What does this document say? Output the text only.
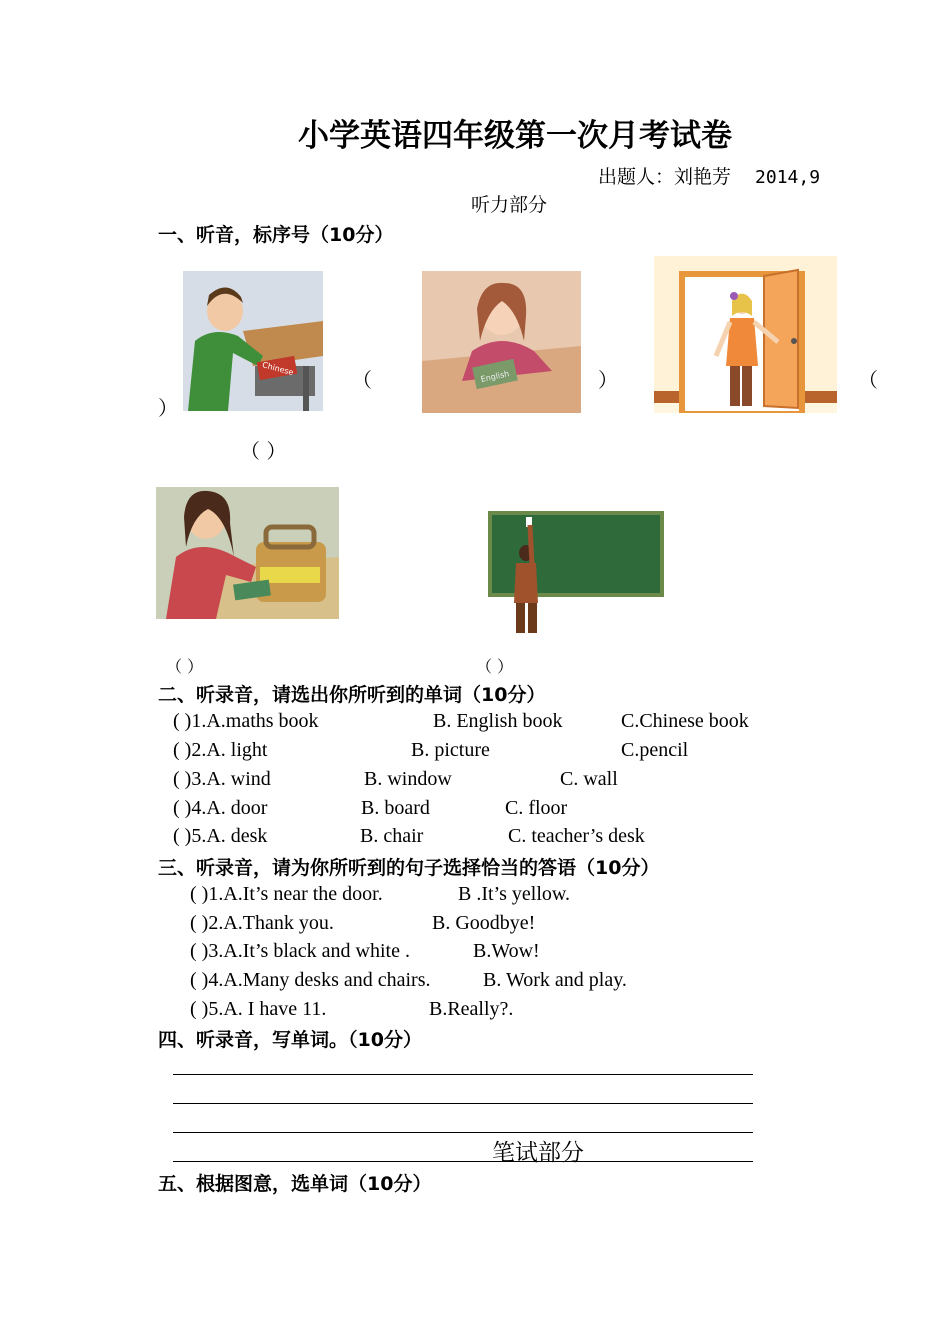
小学英语四年级第一次月考试卷
出题人：刘艳芳 2014,9
听力部分
一、听音，标序号（10分）
Chinese	English
（	）	（
）
（ ）
（ ）	（ ）
二、听录音，请选出你所听到的单词（10分）
( )1.A.maths book	B. English book	C.Chinese book
( )2.A. light	B. picture	C.pencil
( )3.A. wind	B. window	C. wall
( )4.A. door	B. board	C. floor
( )5.A. desk	B. chair	C. teacher’s desk
三、听录音，请为你所听到的句子选择恰当的答语（10分）
( )1.A.It’s near the door.	B .It’s yellow.
( )2.A.Thank you.	B. Goodbye!
( )3.A.It’s black and white .	B.Wow!
( )4.A.Many desks and chairs.	B. Work and play.
( )5.A. I have 11.	B.Really?.
四、听录音，写单词。（10分）
笔试部分
五、根据图意，选单词（10分）
